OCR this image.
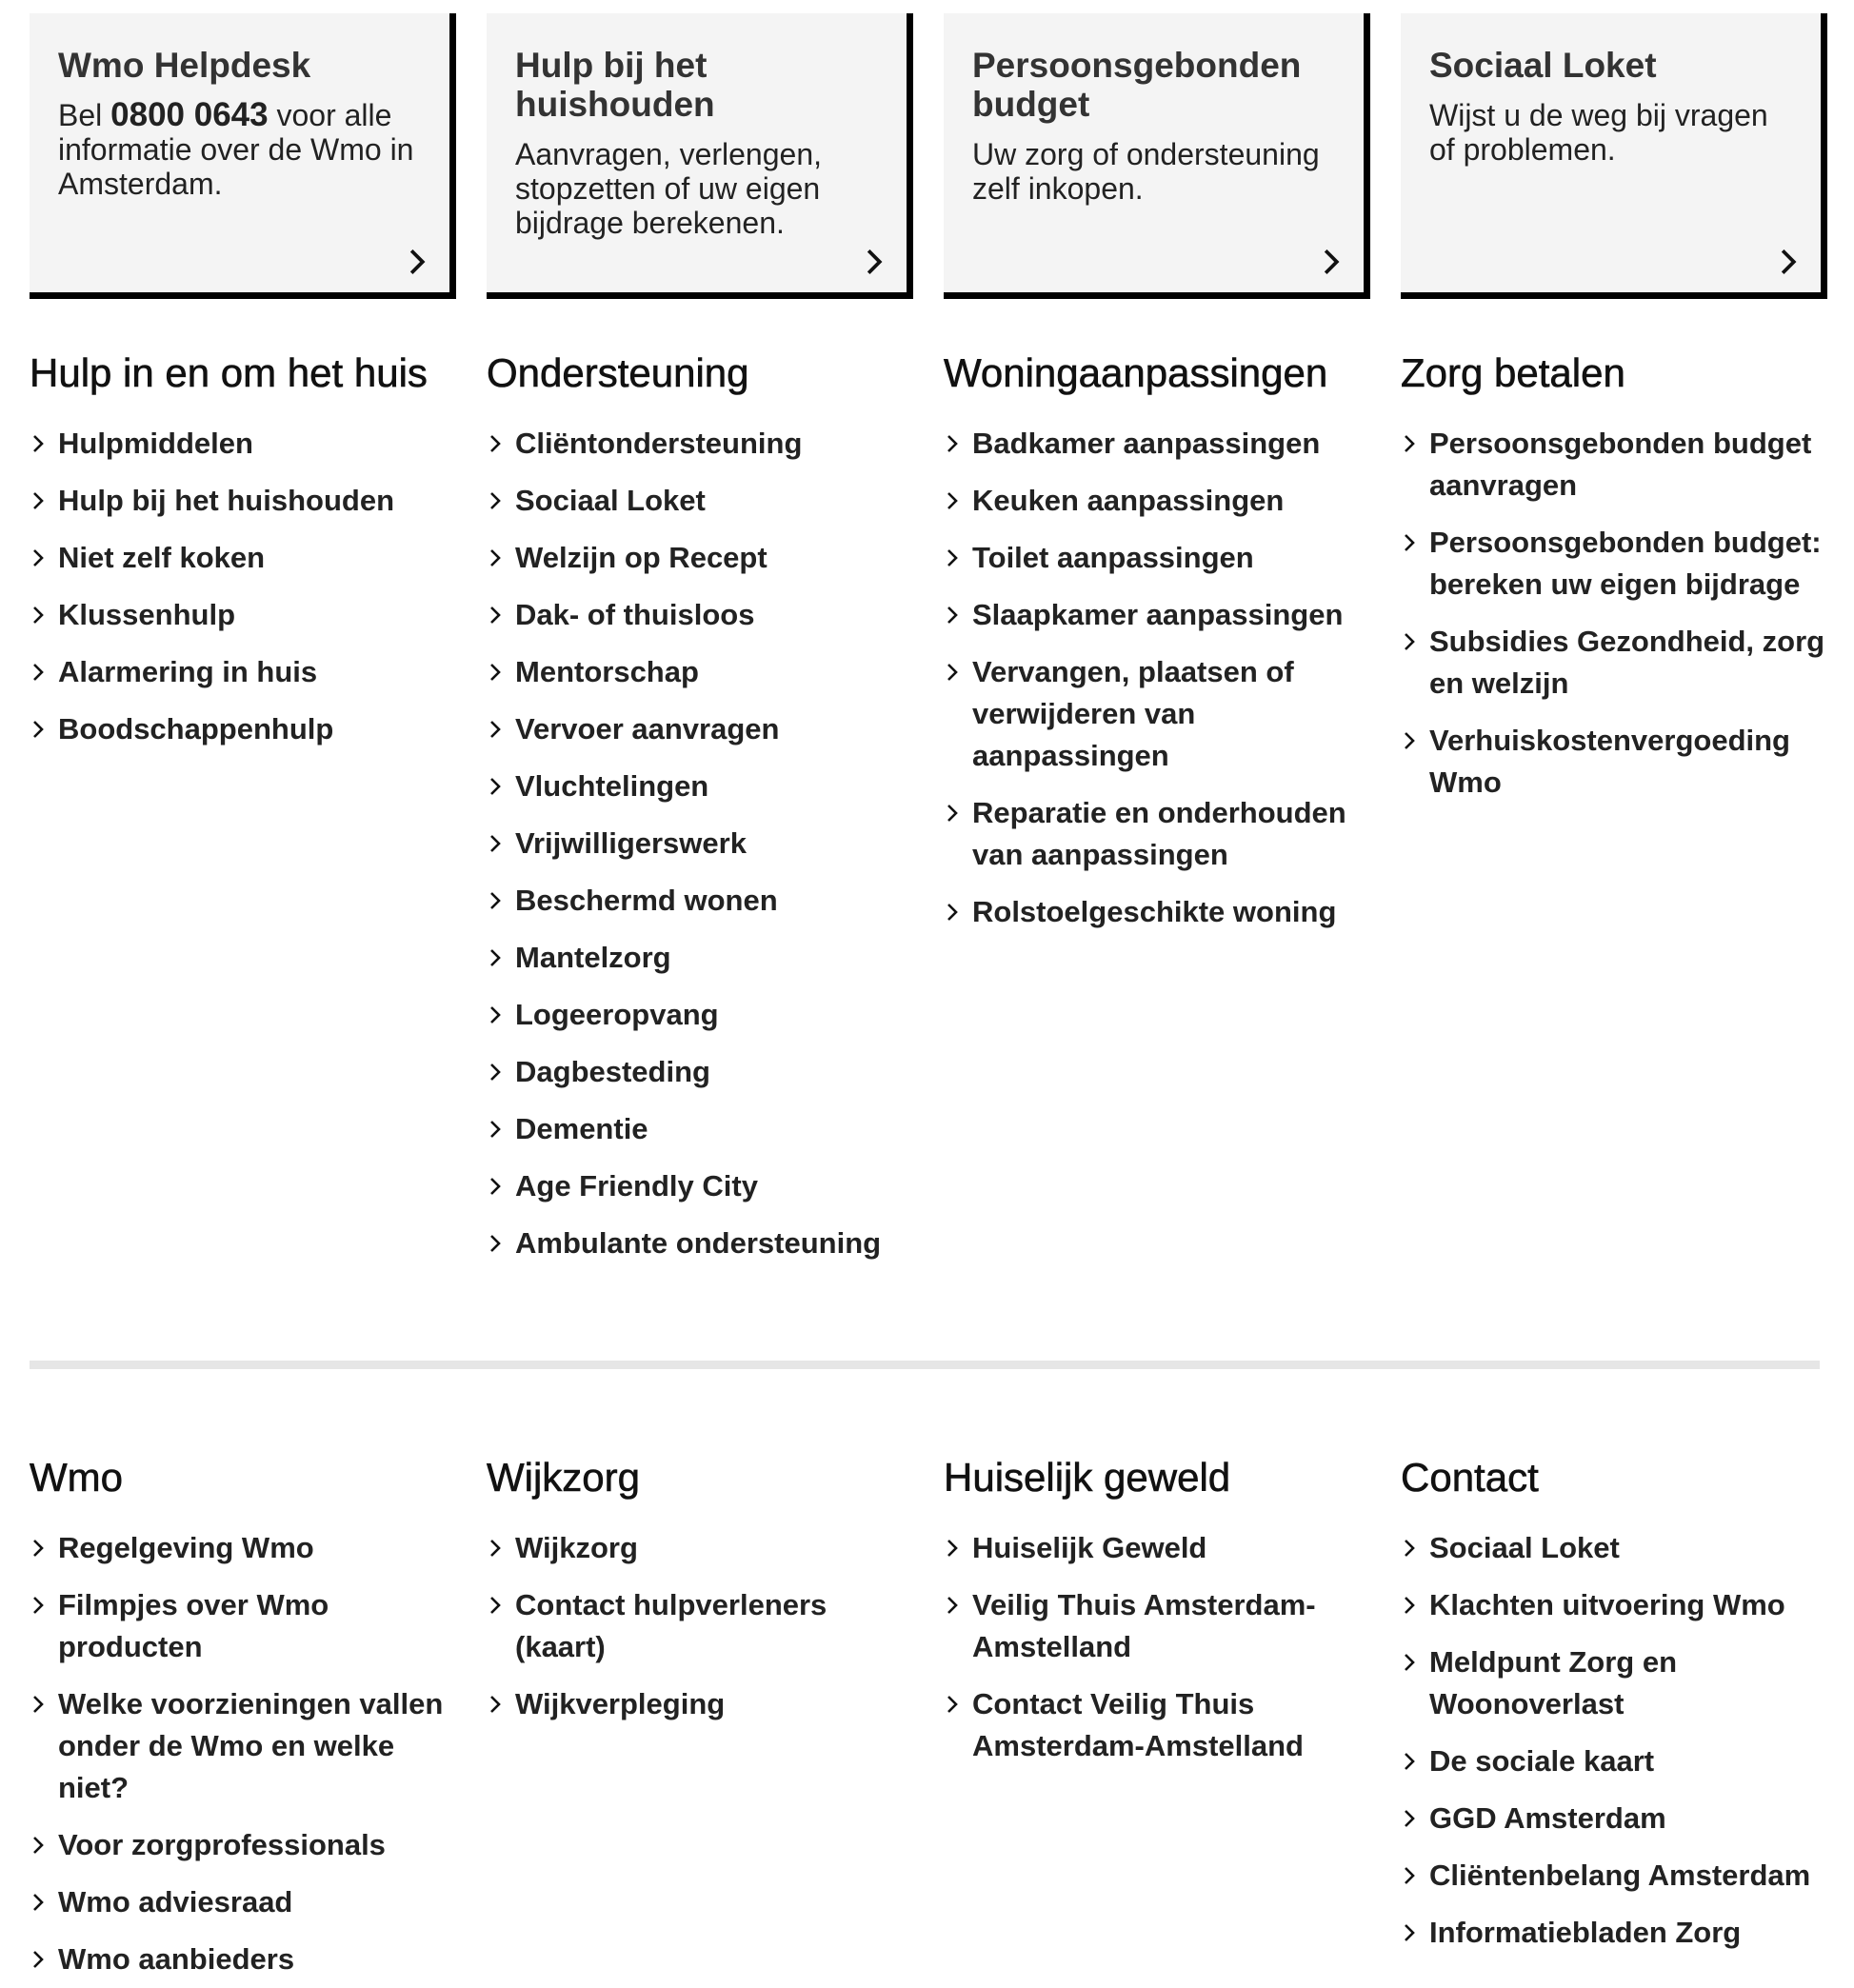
Wmo Helpdesk

Bel 0800 0643 voor alle informatie over de Wmo in Amsterdam.

Hulp bij het huishouden

Aanvragen, verlengen, stopzetten of uw eigen bijdrage berekenen.

Persoonsgebonden budget

Uw zorg of ondersteuning zelf inkopen.

Sociaal Loket

Wijst u de weg bij vragen of problemen.

Hulp in en om het huis
Hulpmiddelen
Hulp bij het huishouden
Niet zelf koken
Klussenhulp
Alarmering in huis
Boodschappenhulp
Ondersteuning
Cliëntondersteuning
Sociaal Loket
Welzijn op Recept
Dak- of thuisloos
Mentorschap
Vervoer aanvragen
Vluchtelingen
Vrijwilligerswerk
Beschermd wonen
Mantelzorg
Logeeropvang
Dagbesteding
Dementie
Age Friendly City
Ambulante ondersteuning
Woningaanpassingen
Badkamer aanpassingen
Keuken aanpassingen
Toilet aanpassingen
Slaapkamer aanpassingen
Vervangen, plaatsen of verwijderen van aanpassingen
Reparatie en onderhouden van aanpassingen
Rolstoelgeschikte woning
Zorg betalen
Persoonsgebonden budget aanvragen
Persoonsgebonden budget: bereken uw eigen bijdrage
Subsidies Gezondheid, zorg en welzijn
Verhuiskostenvergoeding Wmo
Wmo
Regelgeving Wmo
Filmpjes over Wmo producten
Welke voorzieningen vallen onder de Wmo en welke niet?
Voor zorgprofessionals
Wmo adviesraad
Wmo aanbieders
Wijkzorg
Wijkzorg
Contact hulpverleners (kaart)
Wijkverpleging
Huiselijk geweld
Huiselijk Geweld
Veilig Thuis Amsterdam-Amstelland
Contact Veilig Thuis Amsterdam-Amstelland
Contact
Sociaal Loket
Klachten uitvoering Wmo
Meldpunt Zorg en Woonoverlast
De sociale kaart
GGD Amsterdam
Cliëntenbelang Amsterdam
Informatiebladen Zorg
